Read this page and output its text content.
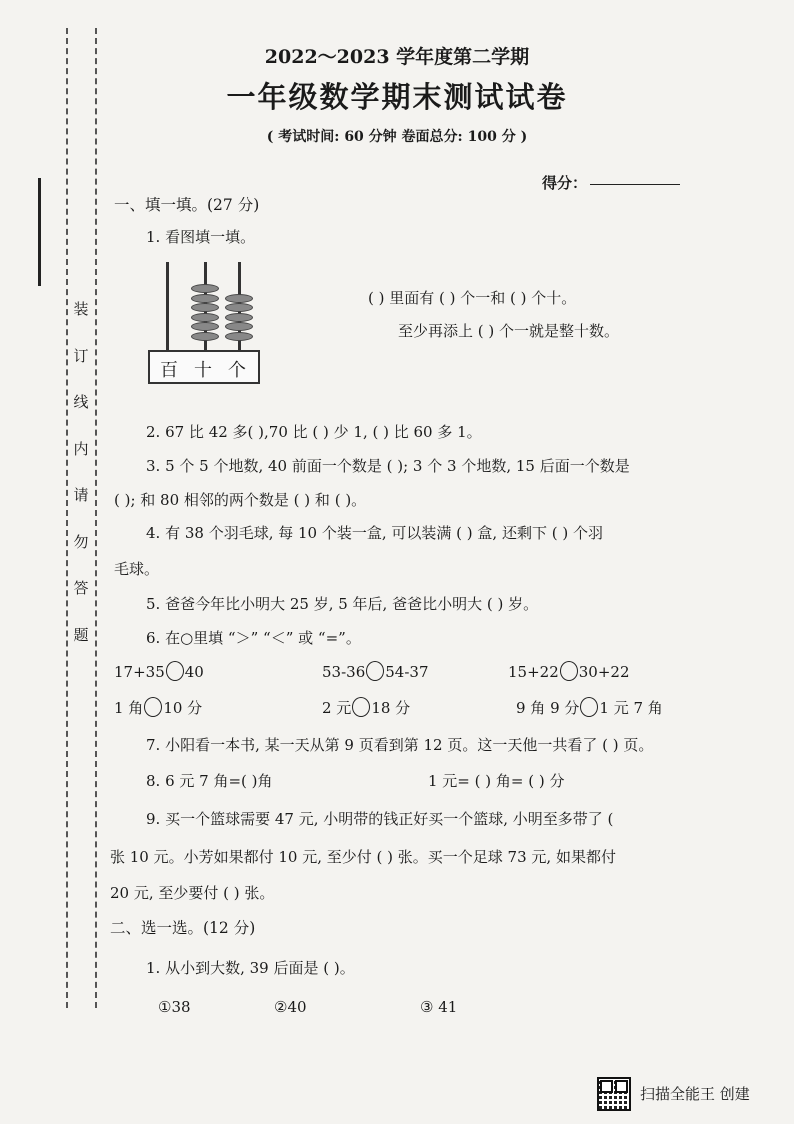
装
订
线
内
请
勿
答
题
2022～2023 学年度第二学期
一年级数学期末测试试卷
( 考试时间: 60 分钟 卷面总分: 100 分 )
得分：
一、填一填。(27 分)
1. 看图填一填。
百 十 个
( ) 里面有 ( ) 个一和 ( ) 个十。
至少再添上 ( ) 个一就是整十数。
2. 67 比 42 多( ),70 比 ( ) 少 1, ( ) 比 60 多 1。
3. 5 个 5 个地数, 40 前面一个数是 ( ); 3 个 3 个地数, 15 后面一个数是
( ); 和 80 相邻的两个数是 ( ) 和 ( )。
4. 有 38 个羽毛球, 每 10 个装一盒, 可以装满 ( ) 盒, 还剩下 ( ) 个羽
毛球。
5. 爸爸今年比小明大 25 岁, 5 年后, 爸爸比小明大 ( ) 岁。
6. 在○里填 “＞” “＜” 或 “=”。
17+35 40	53-36 54-37	15+22 30+22
1 角 10 分	2 元 18 分	9 角 9 分 1 元 7 角
7. 小阳看一本书, 某一天从第 9 页看到第 12 页。这一天他一共看了 ( ) 页。
8. 6 元 7 角=( )角	1 元= ( ) 角= ( ) 分
9. 买一个篮球需要 47 元, 小明带的钱正好买一个篮球, 小明至多带了 (
张 10 元。小芳如果都付 10 元, 至少付 ( ) 张。买一个足球 73 元, 如果都付
20 元, 至少要付 ( ) 张。
二、选一选。(12 分)
1. 从小到大数, 39 后面是 ( )。
①38	②40	③ 41
扫描全能王 创建
